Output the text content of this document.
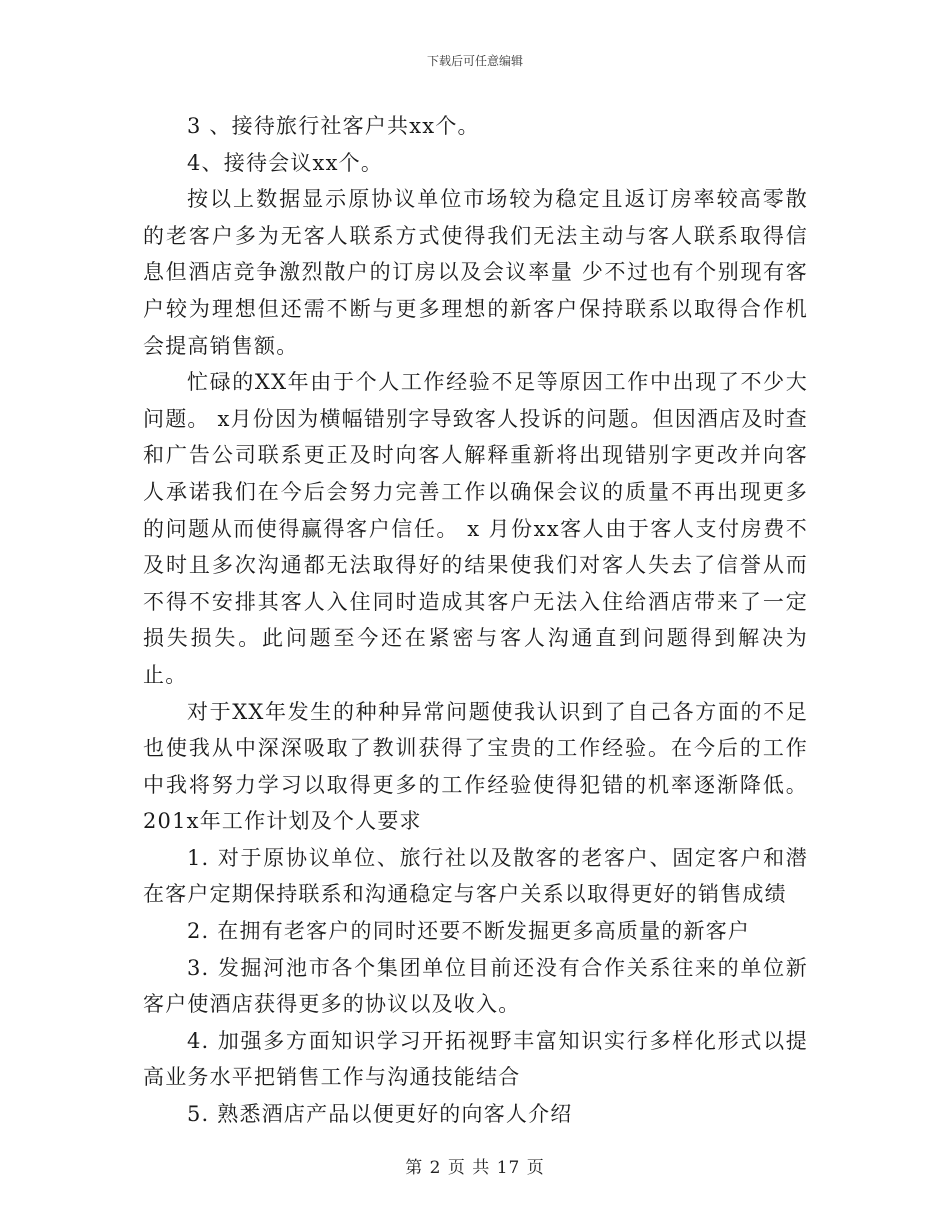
下载后可任意编辑

3 、接待旅行社客户共xx个。

4、接待会议xx个。

按以上数据显示原协议单位市场较为稳定且返订房率较高零散的老客户多为无客人联系方式使得我们无法主动与客人联系取得信息但酒店竞争激烈散户的订房以及会议率量 少不过也有个别现有客户较为理想但还需不断与更多理想的新客户保持联系以取得合作机会提高销售额。

忙碌的XX年由于个人工作经验不足等原因工作中出现了不少大问题。 x月份因为横幅错别字导致客人投诉的问题。但因酒店及时查和广告公司联系更正及时向客人解释重新将出现错别字更改并向客人承诺我们在今后会努力完善工作以确保会议的质量不再出现更多的问题从而使得赢得客户信任。 x 月份xx客人由于客人支付房费不及时且多次沟通都无法取得好的结果使我们对客人失去了信誉从而不得不安排其客人入住同时造成其客户无法入住给酒店带来了一定损失损失。此问题至今还在紧密与客人沟通直到问题得到解决为止。

对于XX年发生的种种异常问题使我认识到了自己各方面的不足也使我从中深深吸取了教训获得了宝贵的工作经验。在今后的工作中我将努力学习以取得更多的工作经验使得犯错的机率逐渐降低。201x年工作计划及个人要求

1. 对于原协议单位、旅行社以及散客的老客户、固定客户和潜在客户定期保持联系和沟通稳定与客户关系以取得更好的销售成绩

2. 在拥有老客户的同时还要不断发掘更多高质量的新客户

3. 发掘河池市各个集团单位目前还没有合作关系往来的单位新客户使酒店获得更多的协议以及收入。

4. 加强多方面知识学习开拓视野丰富知识实行多样化形式以提高业务水平把销售工作与沟通技能结合

5. 熟悉酒店产品以便更好的向客人介绍

第 2 页 共 17 页
